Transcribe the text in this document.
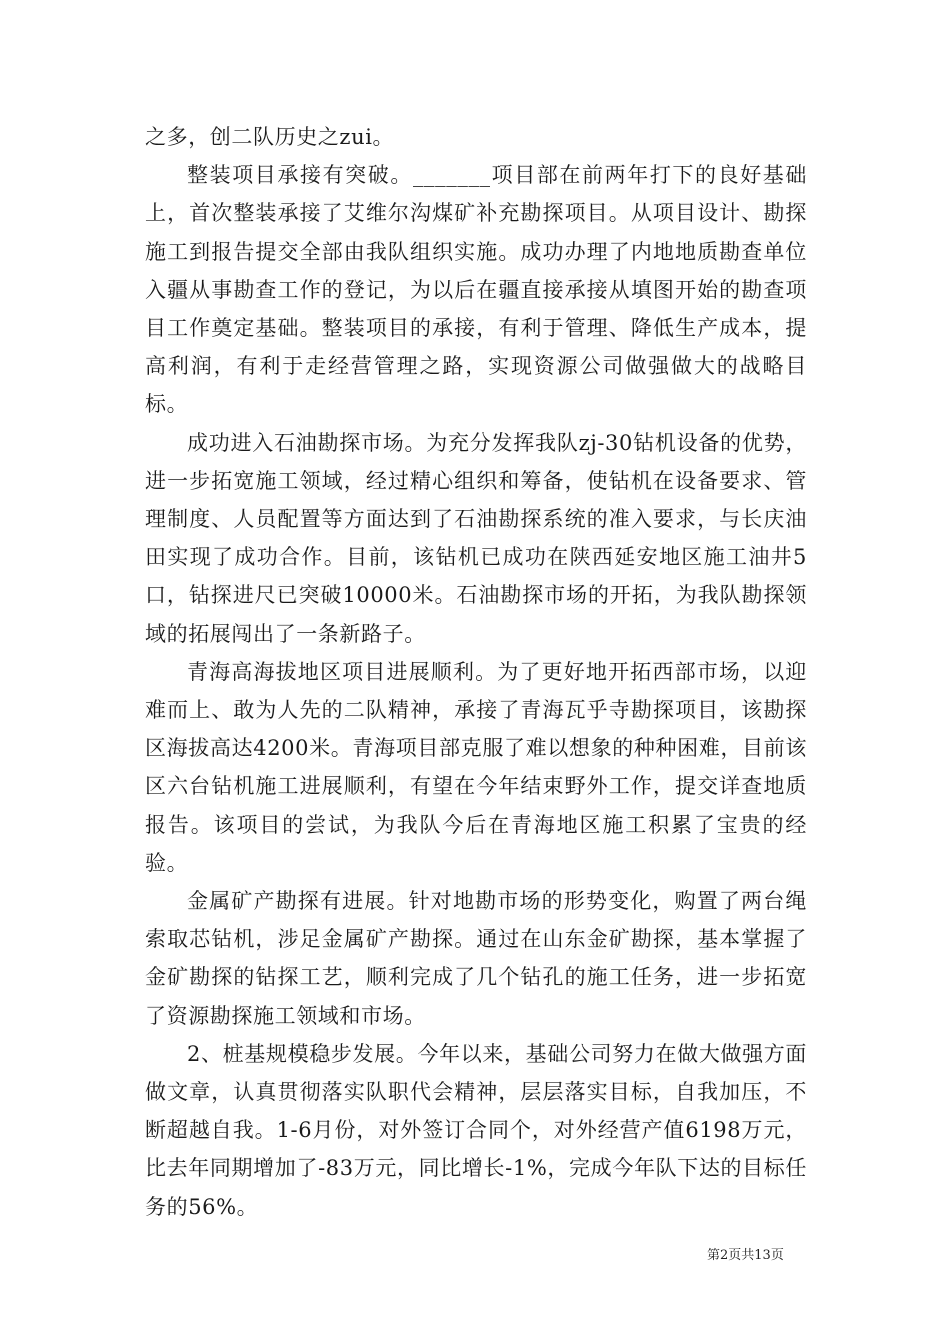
之多，创二队历史之zui。

整装项目承接有突破。_______项目部在前两年打下的良好基础上，首次整装承接了艾维尔沟煤矿补充勘探项目。从项目设计、勘探施工到报告提交全部由我队组织实施。成功办理了内地地质勘查单位入疆从事勘查工作的登记，为以后在疆直接承接从填图开始的勘查项目工作奠定基础。整装项目的承接，有利于管理、降低生产成本，提高利润，有利于走经营管理之路，实现资源公司做强做大的战略目标。

成功进入石油勘探市场。为充分发挥我队zj-30钻机设备的优势，进一步拓宽施工领域，经过精心组织和筹备，使钻机在设备要求、管理制度、人员配置等方面达到了石油勘探系统的准入要求，与长庆油田实现了成功合作。目前，该钻机已成功在陕西延安地区施工油井5口，钻探进尺已突破10000米。石油勘探市场的开拓，为我队勘探领域的拓展闯出了一条新路子。

青海高海拔地区项目进展顺利。为了更好地开拓西部市场，以迎难而上、敢为人先的二队精神，承接了青海瓦乎寺勘探项目，该勘探区海拔高达4200米。青海项目部克服了难以想象的种种困难，目前该区六台钻机施工进展顺利，有望在今年结束野外工作，提交详查地质报告。该项目的尝试，为我队今后在青海地区施工积累了宝贵的经验。

金属矿产勘探有进展。针对地勘市场的形势变化，购置了两台绳索取芯钻机，涉足金属矿产勘探。通过在山东金矿勘探，基本掌握了金矿勘探的钻探工艺，顺利完成了几个钻孔的施工任务，进一步拓宽了资源勘探施工领域和市场。

2、桩基规模稳步发展。今年以来，基础公司努力在做大做强方面做文章，认真贯彻落实队职代会精神，层层落实目标，自我加压，不断超越自我。1-6月份，对外签订合同个，对外经营产值6198万元，比去年同期增加了-83万元，同比增长-1%，完成今年队下达的目标任务的56%。

第2页共13页
